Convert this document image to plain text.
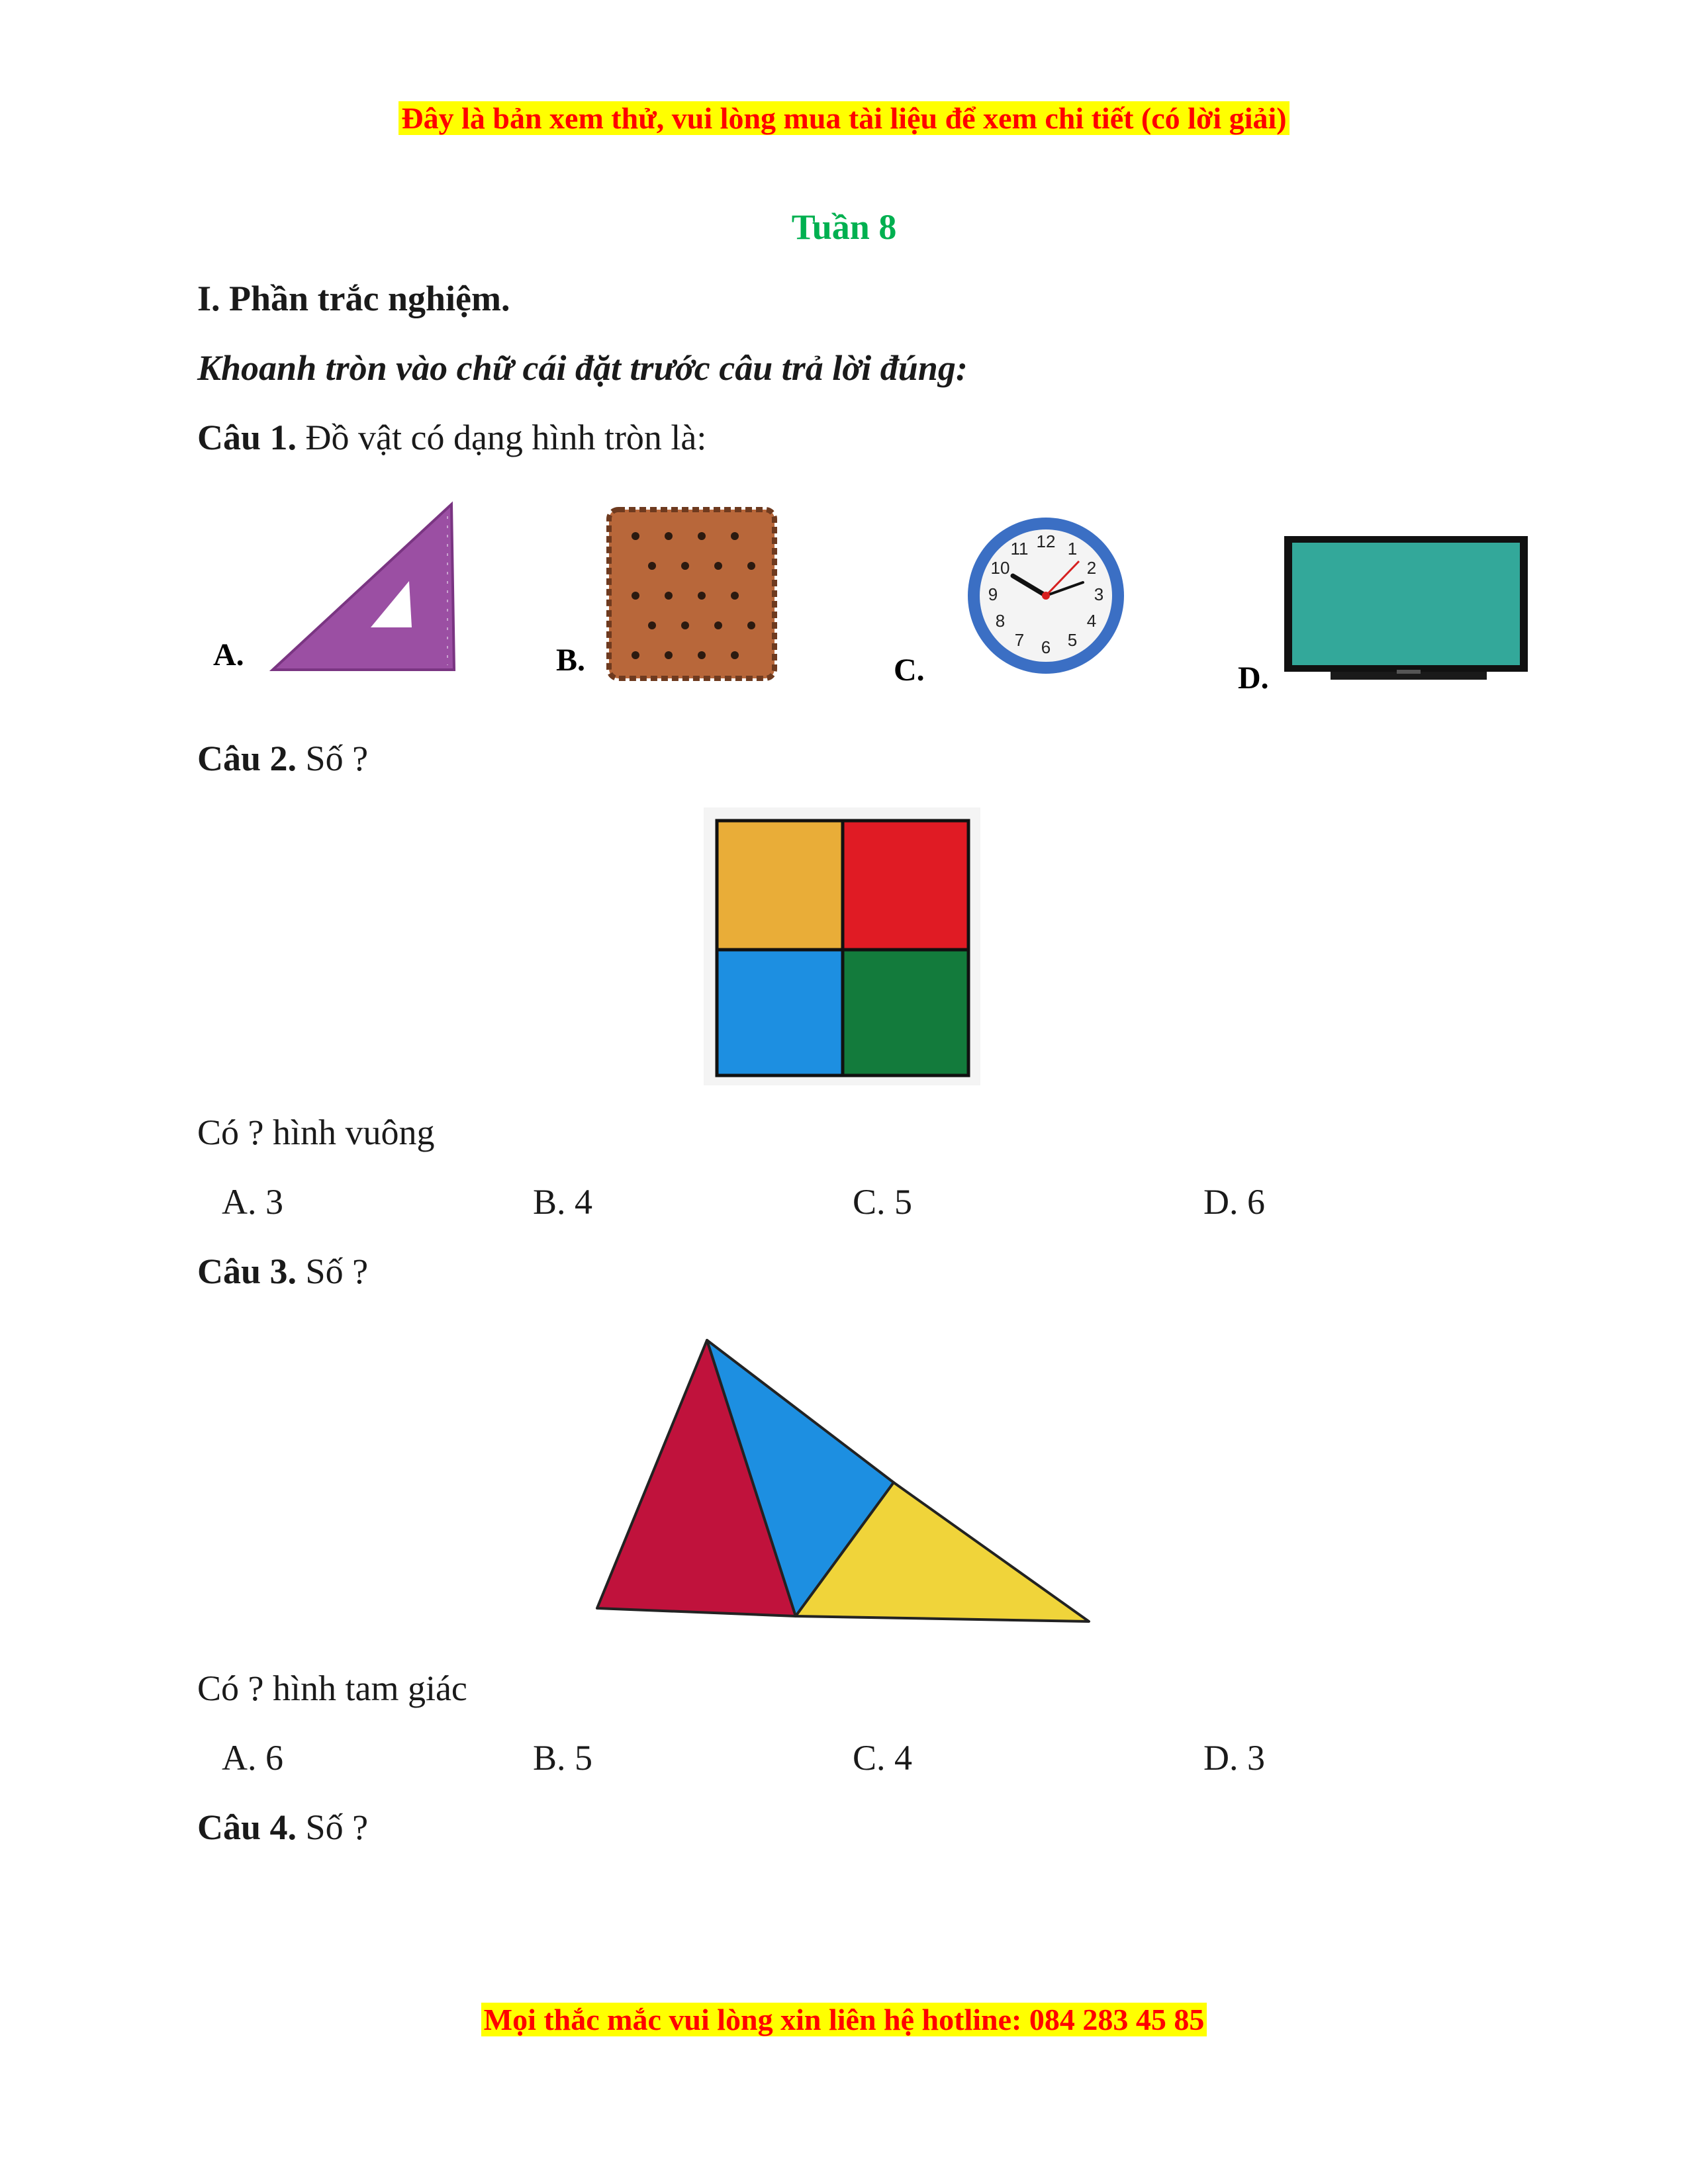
Đây là bản xem thử, vui lòng mua tài liệu để xem chi tiết (có lời giải)
Tuần 8
I. Phần trắc nghiệm.
Khoanh tròn vào chữ cái đặt trước câu trả lời đúng:
Câu 1. Đồ vật có dạng hình tròn là:
A.	B.	C.
12 1
2
3
4
5
6
7
8
9
10
11
D.
Câu 2. Số ?
Có ? hình vuông
A. 3	B. 4	C. 5	D. 6
Câu 3. Số ?
Có ? hình tam giác
A. 6	B. 5	C. 4	D. 3
Câu 4. Số ?
Mọi thắc mắc vui lòng xin liên hệ hotline: 084 283 45 85
